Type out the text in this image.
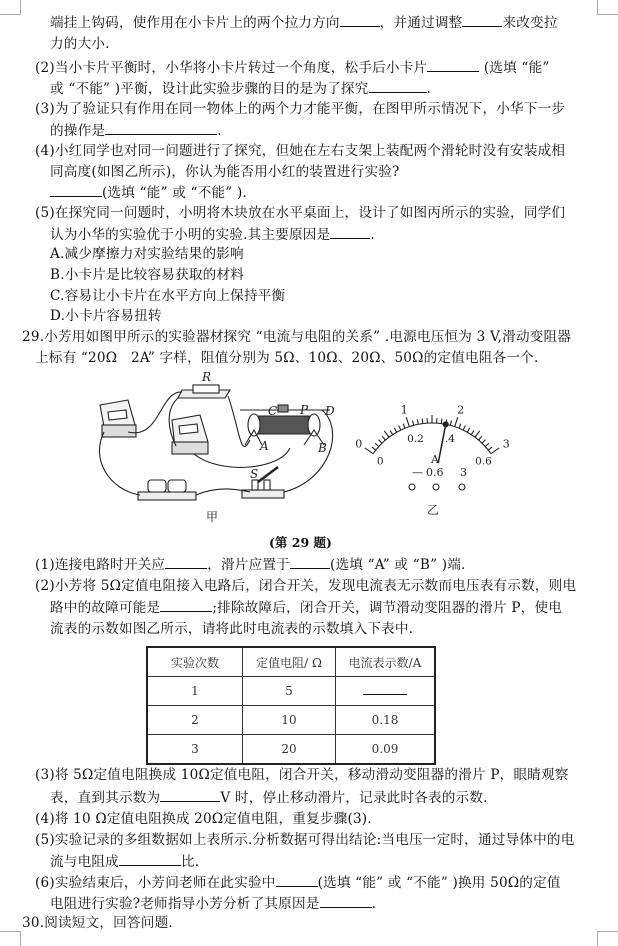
端挂上钩码，使作用在小卡片上的两个拉力方向	，并通过调整	来改变拉
力的大小.
(2)当小卡片平衡时，小华将小卡片转过一个角度，松手后小卡片	(选填 “能”
或 “不能” )平衡，设计此实验步骤的目的是为了探究	.
(3)为了验证只有作用在同一物体上的两个力才能平衡，在图甲所示情况下，小华下一步
的操作是	.
(4)小红同学也对同一问题进行了探究，但她在左右支架上装配两个滑轮时没有安装成相
同高度(如图乙所示)，你认为能否用小红的装置进行实验?
(选填 “能” 或 “不能” ).
(5)在探究同一问题时，小明将木块放在水平桌面上，设计了如图丙所示的实验，同学们
认为小华的实验优于小明的实验.其主要原因是	.
A.减少摩擦力对实验结果的影响
B.小卡片是比较容易获取的材料
C.容易让小卡片在水平方向上保持平衡
D.小卡片容易扭转
29.小芳用如图甲所示的实验器材探究 “电流与电阻的关系” .电源电压恒为 3 V,滑动变阻器
上标有 “20Ω　2A” 字样，阻值分别为 5Ω、10Ω、20Ω、50Ω的定值电阻各一个.
R
C P D
A	B
S
甲
0
1	2
3
0
0.2 .4
0.6
乙
— 0.6 3
A
(第 29 题)
(1)连接电路时开关应	，滑片应置于	(选填 “A” 或 “B” )端.
(2)小芳将 5Ω定值电阻接入电路后，闭合开关，发现电流表无示数而电压表有示数，则电
路中的故障可能是	;排除故障后，闭合开关，调节滑动变阻器的滑片 P，使电
流表的示数如图乙所示，请将此时电流表的示数填入下表中.
实验次数	定值电阻/ Ω	电流表示数/A
1	5	
2	10	0.18
3	20	0.09
(3)将 5Ω定值电阻换成 10Ω定值电阻，闭合开关，移动滑动变阻器的滑片 P，眼睛观察
表，直到其示数为	V 时，停止移动滑片，记录此时各表的示数.
(4)将 10 Ω定值电阻换成 20Ω定值电阻，重复步骤(3).
(5)实验记录的多组数据如上表所示.分析数据可得出结论:当电压一定时，通过导体中的电
流与电阻成	比.
(6)实验结束后，小芳问老师在此实验中	(选填 “能” 或 “不能” )换用 50Ω的定值
电阻进行实验?老师指导小芳分析了其原因是	.
30.阅读短文，回答问题.
